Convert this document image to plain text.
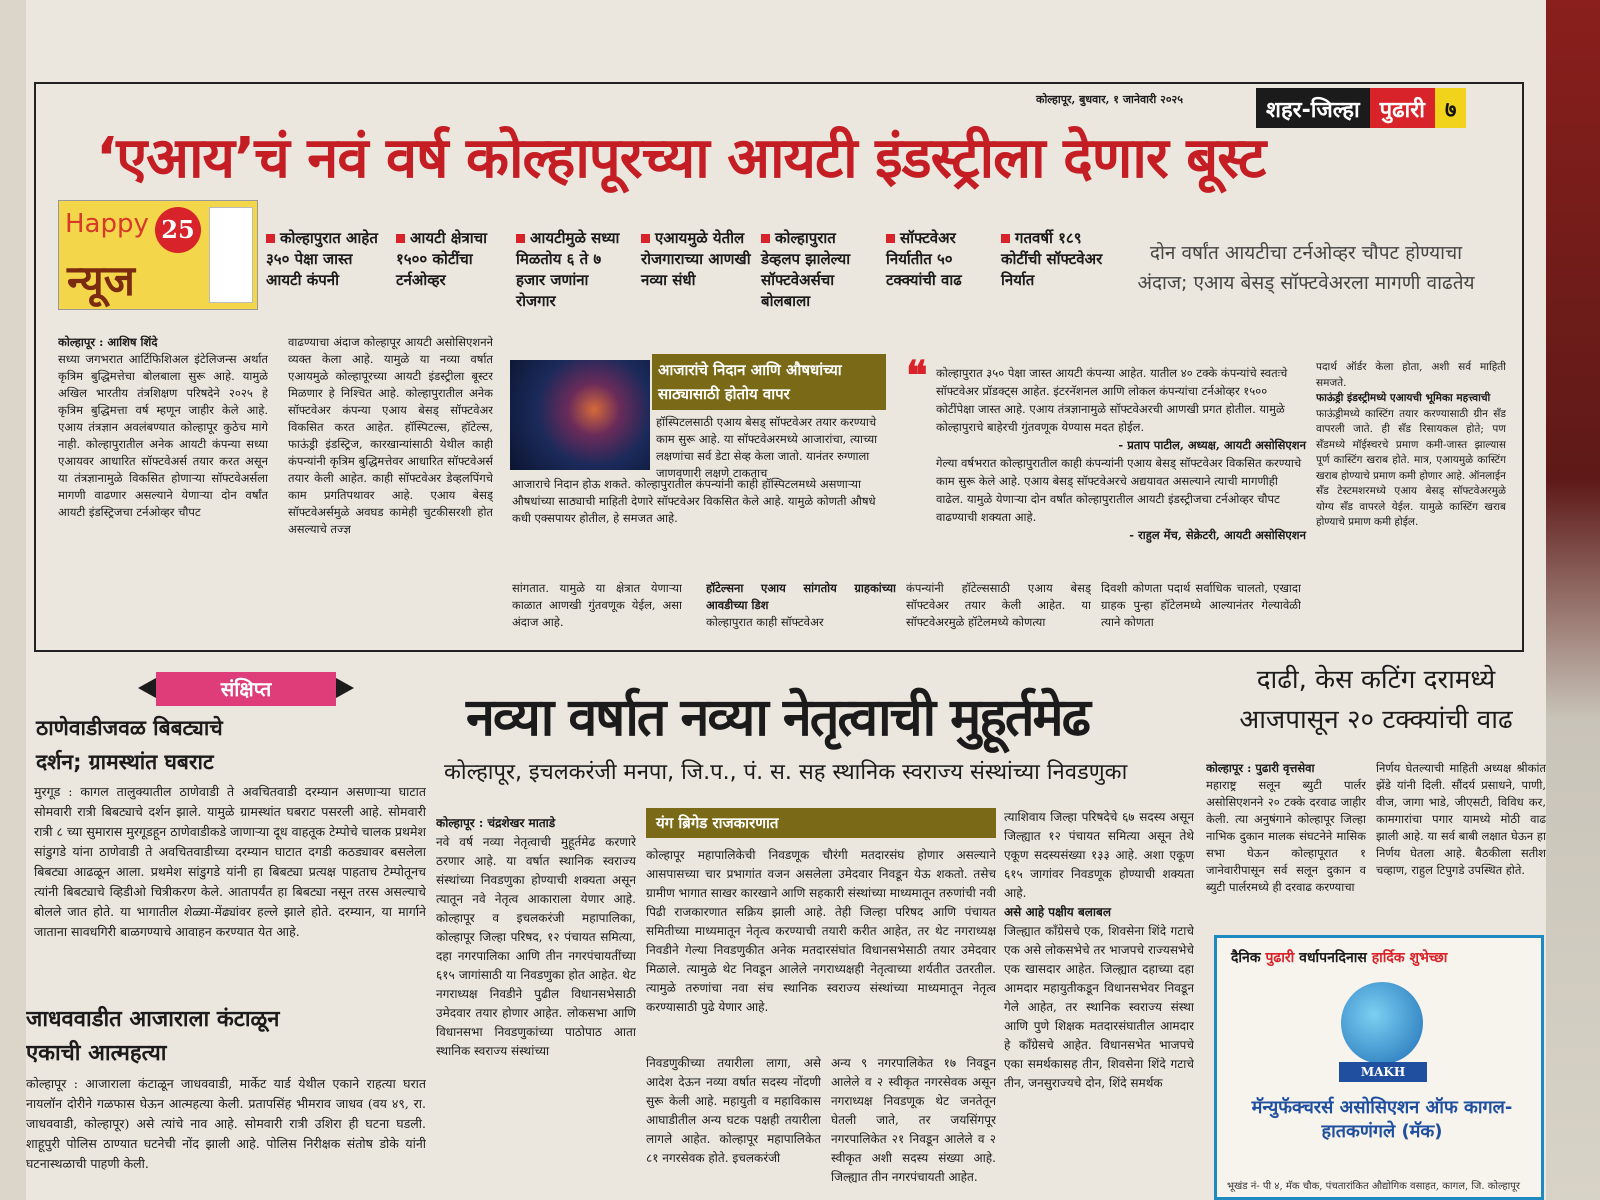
कोल्हापूर, बुधवार, १ जानेवारी २०२५	शहर-जिल्हा पुढारी ७
‘एआय’चं नवं वर्ष कोल्हापूरच्या आयटी इंडस्ट्रीला देणार बूस्ट
Happy 25
न्यूज
कोल्हापुरात आहेत ३५० पेक्षा जास्त आयटी कंपनी
आयटी क्षेत्राचा १५०० कोटींचा टर्नओव्हर
आयटीमुळे सध्या मिळतोय ६ ते ७ हजार जणांना रोजगार
एआयमुळे येतील रोजगाराच्या आणखी नव्या संधी
कोल्हापुरात डेव्हलप झालेल्या सॉफ्टवेअर्सचा बोलबाला
सॉफ्टवेअर निर्यातीत ५० टक्क्यांची वाढ
गतवर्षी १८९ कोटींची सॉफ्टवेअर निर्यात
दोन वर्षांत आयटीचा टर्नओव्हर चौपट होण्याचा अंदाज; एआय बेसड् सॉफ्टवेअरला मागणी वाढतेय
कोल्हापूर : आशिष शिंदे
सध्या जगभरात आर्टिफिशिअल इंटेलिजन्स अर्थात कृत्रिम बुद्धिमत्तेचा बोलबाला सुरू आहे. यामुळे अखिल भारतीय तंत्रशिक्षण परिषदेने २०२५ हे कृत्रिम बुद्धिमत्ता वर्ष म्हणून जाहीर केले आहे. एआय तंत्रज्ञान अवलंबण्यात कोल्हापूर कुठेच मागे नाही. कोल्हापुरातील अनेक आयटी कंपन्या सध्या एआयवर आधारित सॉफ्टवेअर्स तयार करत असून या तंत्रज्ञानामुळे विकसित होणाऱ्या सॉफ्टवेअर्सला मागणी वाढणार असल्याने येणाऱ्या दोन वर्षांत आयटी इंडस्ट्रिजचा टर्नओव्हर चौपट
वाढण्याचा अंदाज कोल्हापूर आयटी असोसिएशनने व्यक्त केला आहे. यामुळे या नव्या वर्षात एआयमुळे कोल्हापूरच्या आयटी इंडस्ट्रीला बूस्टर मिळणार हे निश्चित आहे. कोल्हापुरातील अनेक सॉफ्टवेअर कंपन्या एआय बेसड् सॉफ्टवेअर विकसित करत आहेत. हॉस्पिटल्स, हॉटेल्स, फाऊंड्री इंडस्ट्रिज, कारखान्यांसाठी येथील काही कंपन्यांनी कृत्रिम बुद्धिमत्तेवर आधारित सॉफ्टवेअर्स तयार केली आहेत. काही सॉफ्टवेअर डेव्हलपिंगचे काम प्रगतिपथावर आहे. एआय बेसड् सॉफ्टवेअर्समुळे अवघड कामेही चुटकीसरशी होत असल्याचे तज्ज्ञ
आजारांचे निदान आणि औषधांच्या साठ्यासाठी होतोय वापर
हॉस्पिटलसाठी एआय बेसड् सॉफ्टवेअर तयार करण्याचे काम सुरू आहे. या सॉफ्टवेअरमध्ये आजारांचा, त्याच्या लक्षणांचा सर्व डेटा सेव्ह केला जातो. यानंतर रुग्णाला जाणवणारी लक्षणे टाकताच
आजाराचे निदान होऊ शकते. कोल्हापुरातील कंपन्यांनी काही हॉस्पिटलमध्ये असणाऱ्या औषधांच्या साठ्याची माहिती देणारे सॉफ्टवेअर विकसित केले आहे. यामुळे कोणती औषधे कधी एक्सपायर होतील, हे समजत आहे.
❝ कोल्हापुरात ३५० पेक्षा जास्त आयटी कंपन्या आहेत. यातील ४० टक्के कंपन्यांचे स्वतःचे सॉफ्टवेअर प्रॉडक्ट्स आहेत. इंटरनॅशनल आणि लोकल कंपन्यांचा टर्नओव्हर १५०० कोटींपेक्षा जास्त आहे. एआय तंत्रज्ञानामुळे सॉफ्टवेअरची आणखी प्रगत होतील. यामुळे कोल्हापुराचे बाहेरची गुंतवणूक येण्यास मदत होईल.
- प्रताप पाटील, अध्यक्ष, आयटी असोसिएशन
गेल्या वर्षभरात कोल्हापुरातील काही कंपन्यांनी एआय बेसड् सॉफ्टवेअर विकसित करण्याचे काम सुरू केले आहे. एआय बेसड् सॉफ्टवेअरचे अद्ययावत असल्याने त्याची मागणीही वाढेल. यामुळे येणाऱ्या दोन वर्षांत कोल्हापुरातील आयटी इंडस्ट्रीजचा टर्नओव्हर चौपट वाढण्याची शक्यता आहे.
- राहुल मेंच, सेक्रेटरी, आयटी असोसिएशन
पदार्थ ऑर्डर केला होता, अशी सर्व माहिती समजते.
फाऊंड्री इंडस्ट्रीमध्ये एआयची भूमिका महत्त्वाची
फाऊंड्रीमध्ये कास्टिंग तयार करण्यासाठी ग्रीन सँड वापरली जाते. ही सँड रिसायकल होते; पण सँडमध्ये मॉईस्चरचे प्रमाण कमी-जास्त झाल्यास पूर्ण कास्टिंग खराब होते. मात्र, एआयमुळे कास्टिंग खराब होण्याचे प्रमाण कमी होणार आहे. ऑनलाईन सँड टेस्टमशरमध्ये एआय बेसड् सॉफ्टवेअरमुळे योग्य सँड वापरले येईल. यामुळे कास्टिंग खराब होण्याचे प्रमाण कमी होईल.
सांगतात. यामुळे या क्षेत्रात येणाऱ्या काळात आणखी गुंतवणूक येईल, असा अंदाज आहे.
हॉटेल्सना एआय सांगतोय ग्राहकांच्या आवडीच्या डिश
कोल्हापुरात काही सॉफ्टवेअर
कंपन्यांनी हॉटेल्ससाठी एआय बेसड् सॉफ्टवेअर तयार केली आहेत. या सॉफ्टवेअरमुळे हॉटेलमध्ये कोणत्या
दिवशी कोणता पदार्थ सर्वाधिक चालतो, एखादा ग्राहक पुन्हा हॉटेलमध्ये आल्यानंतर गेल्यावेळी त्याने कोणता
संक्षिप्त
ठाणेवाडीजवळ बिबट्याचे
दर्शन; ग्रामस्थांत घबराट
मुरगूड : कागल तालुक्यातील ठाणेवाडी ते अवचितवाडी दरम्यान असणाऱ्या घाटात सोमवारी रात्री बिबट्याचे दर्शन झाले. यामुळे ग्रामस्थांत घबराट पसरली आहे. सोमवारी रात्री ८ च्या सुमारास मुरगूडहून ठाणेवाडीकडे जाणाऱ्या दूध वाहतूक टेम्पोचे चालक प्रथमेश सांडुगडे यांना ठाणेवाडी ते अवचितवाडीच्या दरम्यान घाटात दगडी कठड्यावर बसलेला बिबट्या आढळून आला. प्रथमेश सांडुगडे यांनी हा बिबट्या प्रत्यक्ष पाहताच टेम्पोतूनच त्यांनी बिबट्याचे व्हिडीओ चित्रीकरण केले. आतापर्यंत हा बिबट्या नसून तरस असल्याचे बोलले जात होते. या भागातील शेळ्या-मेंढ्यांवर हल्ले झाले होते. दरम्यान, या मार्गाने जाताना सावधगिरी बाळगण्याचे आवाहन करण्यात येत आहे.
जाधववाडीत आजाराला कंटाळून
एकाची आत्महत्या
कोल्हापूर : आजाराला कंटाळून जाधववाडी, मार्केट यार्ड येथील एकाने राहत्या घरात नायलॉन दोरीने गळफास घेऊन आत्महत्या केली. प्रतापसिंह भीमराव जाधव (वय ४९, रा. जाधववाडी, कोल्हापूर) असे त्यांचे नाव आहे. सोमवारी रात्री उशिरा ही घटना घडली. शाहूपुरी पोलिस ठाण्यात घटनेची नोंद झाली आहे. पोलिस निरीक्षक संतोष डोके यांनी घटनास्थळाची पाहणी केली.
नव्या वर्षात नव्या नेतृत्वाची मुहूर्तमेढ
कोल्हापूर, इचलकरंजी मनपा, जि.प., पं. स. सह स्थानिक स्वराज्य संस्थांच्या निवडणुका
कोल्हापूर : चंद्रशेखर माताडे
नवे वर्ष नव्या नेतृत्वाची मुहूर्तमेढ करणारे ठरणार आहे. या वर्षात स्थानिक स्वराज्य संस्थांच्या निवडणुका होण्याची शक्यता असून त्यातून नवे नेतृत्व आकाराला येणार आहे. कोल्हापूर व इचलकरंजी महापालिका, कोल्हापूर जिल्हा परिषद, १२ पंचायत समित्या, दहा नगरपालिका आणि तीन नगरपंचायतींच्या ६१५ जागांसाठी या निवडणुका होत आहेत. थेट नगराध्यक्ष निवडीने पुढील विधानसभेसाठी उमेदवार तयार होणार आहेत. लोकसभा आणि विधानसभा निवडणुकांच्या पाठोपाठ आता स्थानिक स्वराज्य संस्थांच्या
यंग ब्रिगेड राजकारणात
कोल्हापूर महापालिकेची निवडणूक चौरंगी मतदारसंघ होणार असल्याने आसपासच्या चार प्रभागांत वजन असलेला उमेदवार निवडून येऊ शकतो. तसेच ग्रामीण भागात साखर कारखाने आणि सहकारी संस्थांच्या माध्यमातून तरुणांची नवी पिढी राजकारणात सक्रिय झाली आहे. तेही जिल्हा परिषद आणि पंचायत समितीच्या माध्यमातून नेतृत्व करण्याची तयारी करीत आहेत, तर थेट नगराध्यक्ष निवडीने गेल्या निवडणुकीत अनेक मतदारसंघांत विधानसभेसाठी तयार उमेदवार मिळाले. त्यामुळे थेट निवडून आलेले नगराध्यक्षही नेतृत्वाच्या शर्यतीत उतरतील. त्यामुळे तरुणांचा नवा संच स्थानिक स्वराज्य संस्थांच्या माध्यमातून नेतृत्व करण्यासाठी पुढे येणार आहे.
निवडणुकीच्या तयारीला लागा, असे आदेश देऊन नव्या वर्षात सदस्य नोंदणी सुरू केली आहे. महायुती व महाविकास आघाडीतील अन्य घटक पक्षही तयारीला लागले आहेत. कोल्हापूर महापालिकेत ८१ नगरसेवक होते. इचलकरंजी
अन्य ९ नगरपालिकेत १७ निवडून आलेले व २ स्वीकृत नगरसेवक असून नगराध्यक्ष निवडणूक थेट जनतेतून घेतली जाते, तर जयसिंगपूर नगरपालिकेत २१ निवडून आलेले व २ स्वीकृत अशी सदस्य संख्या आहे. जिल्ह्यात तीन नगरपंचायती आहेत.
त्याशिवाय जिल्हा परिषदेचे ६७ सदस्य असून जिल्ह्यात १२ पंचायत समित्या असून तेथे एकूण सदस्यसंख्या १३३ आहे. अशा एकूण ६१५ जागांवर निवडणूक होण्याची शक्यता आहे.
असे आहे पक्षीय बलाबल
जिल्ह्यात काँग्रेसचे एक, शिवसेना शिंदे गटाचे एक असे लोकसभेचे तर भाजपचे राज्यसभेचे एक खासदार आहेत. जिल्ह्यात दहाच्या दहा आमदार महायुतीकडून विधानसभेवर निवडून गेले आहेत, तर स्थानिक स्वराज्य संस्था आणि पुणे शिक्षक मतदारसंघातील आमदार हे काँग्रेसचे आहेत. विधानसभेत भाजपचे एका समर्थकासह तीन, शिवसेना शिंदे गटाचे तीन, जनसुराज्यचे दोन, शिंदे समर्थक
दाढी, केस कटिंग दरामध्ये आजपासून २० टक्क्यांची वाढ
कोल्हापूर : पुढारी वृत्तसेवा
महाराष्ट्र सलून ब्युटी पार्लर असोसिएशनने २० टक्के दरवाढ जाहीर केली. त्या अनुषंगाने कोल्हापूर जिल्हा नाभिक दुकान मालक संघटनेने मासिक सभा घेऊन कोल्हापूरात १ जानेवारीपासून सर्व सलून दुकान व ब्युटी पार्लरमध्ये ही दरवाढ करण्याचा
निर्णय घेतल्याची माहिती अध्यक्ष श्रीकांत झेंडे यांनी दिली. सौंदर्य प्रसाधने, पाणी, वीज, जागा भाडे, जीएसटी, विविध कर, कामगारांचा पगार यामध्ये मोठी वाढ झाली आहे. या सर्व बाबी लक्षात घेऊन हा निर्णय घेतला आहे. बैठकीला सतीश चव्हाण, राहुल टिपुगडे उपस्थित होते.
दैनिक पुढारी वर्धापनदिनास हार्दिक शुभेच्छा
MAKH
मॅन्युफॅक्चरर्स असोसिएशन ऑफ कागल- हातकणंगले (मॅक)
भूखंड नं- पी ४, मॅक चौक, पंचतारांकित औद्योगिक वसाहत, कागल, जि. कोल्हापूर
